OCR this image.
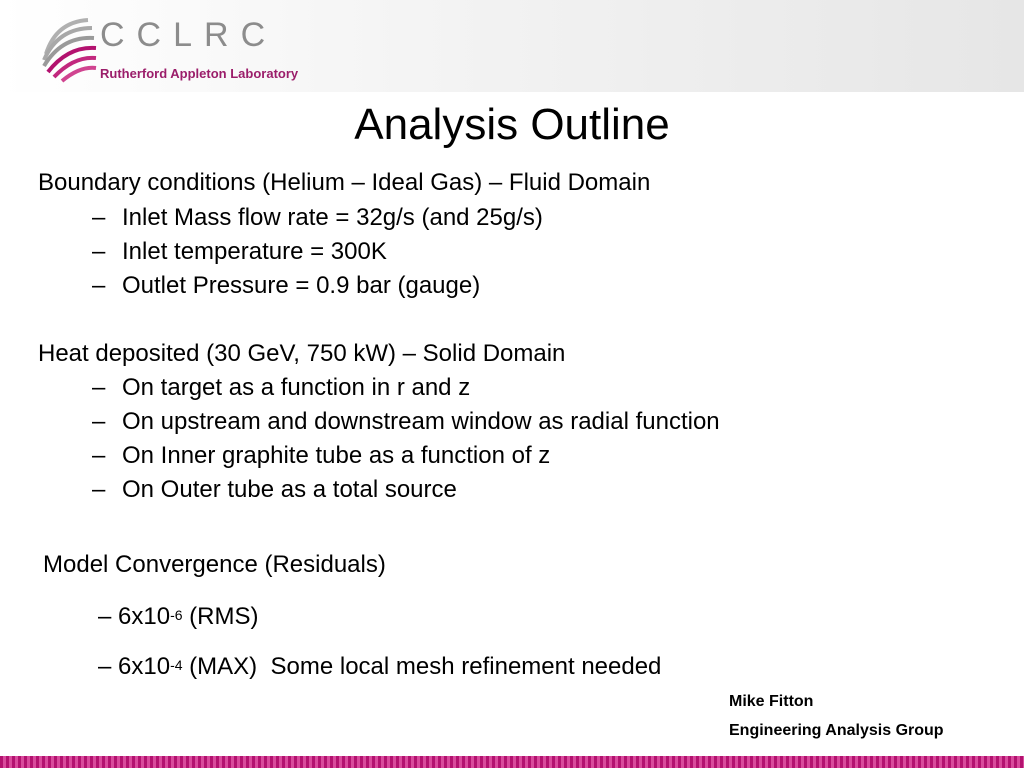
CCLRC
Rutherford Appleton Laboratory
Analysis Outline
Boundary conditions (Helium – Ideal Gas) – Fluid Domain
– Inlet Mass flow rate = 32g/s (and 25g/s)
– Inlet temperature = 300K
– Outlet Pressure = 0.9 bar (gauge)
Heat deposited (30 GeV, 750 kW) – Solid Domain
– On target as a function in r and z
– On upstream and downstream window as radial function
– On Inner graphite tube as a function of z
– On Outer tube as a total source
Model Convergence (Residuals)
– $6x10^{-6}$ (RMS)
– $6x10^{-4}$ (MAX)  Some local mesh refinement needed
Mike Fitton
Engineering Analysis Group
